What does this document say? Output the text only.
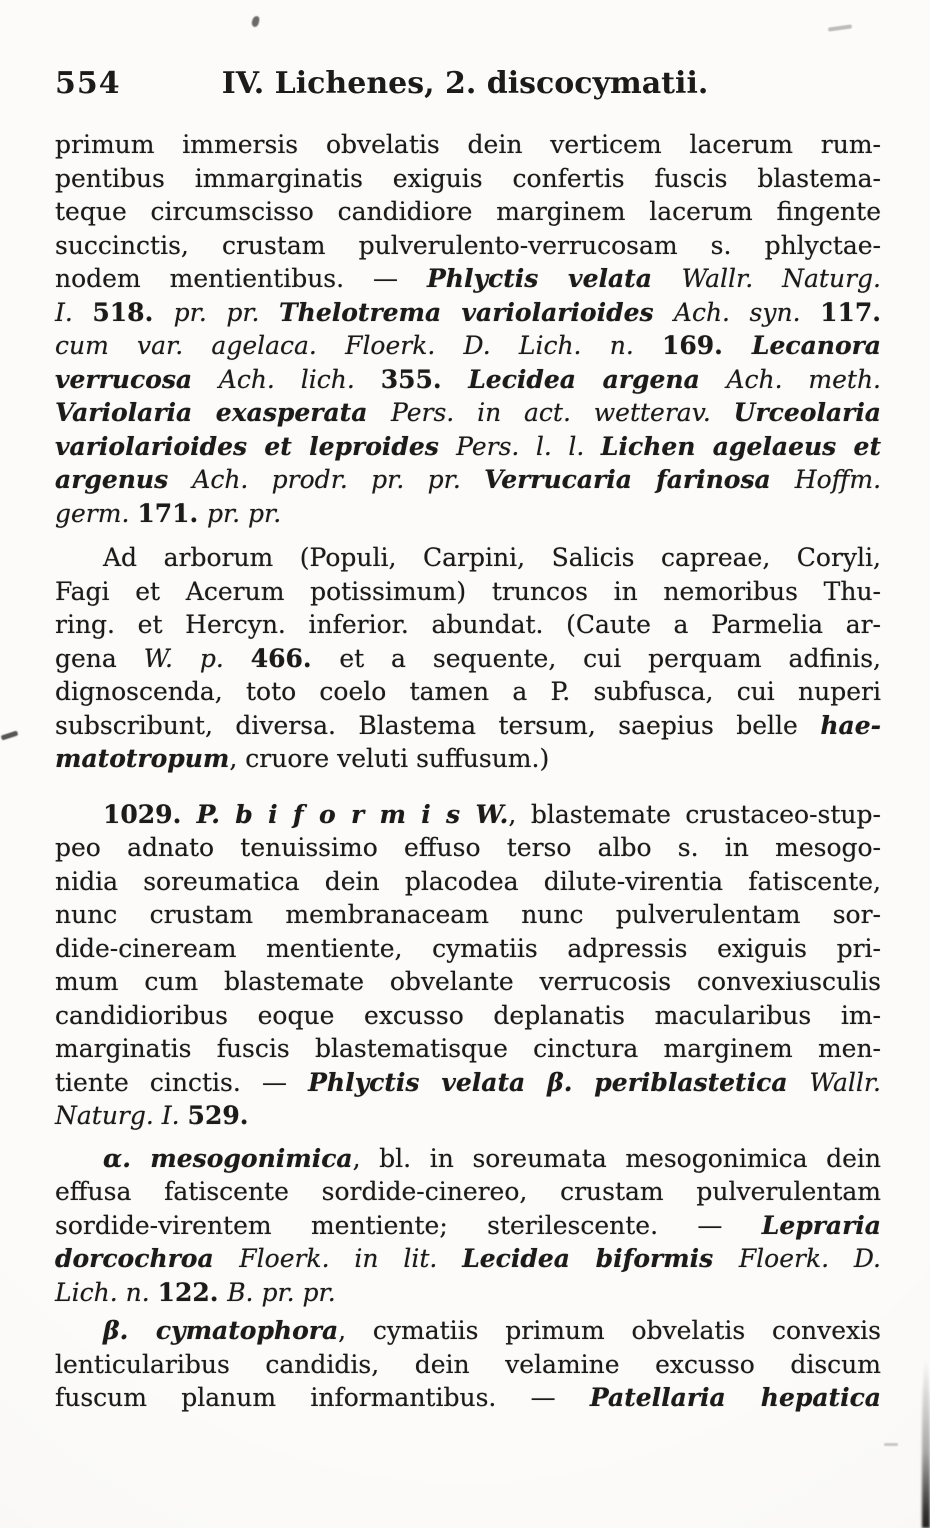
554	IV. Lichenes, 2. discocymatii.
primum immersis obvelatis dein verticem lacerum rum-
pentibus immarginatis exiguis confertis fuscis blastema-
teque circumscisso candidiore marginem lacerum fingente
succinctis, crustam pulverulento-verrucosam s. phlyctae-
nodem mentientibus. — Phlyctis velata Wallr. Naturg.
I. 518. pr. pr. Thelotrema variolarioides Ach. syn. 117.
cum var. agelaca. Floerk. D. Lich. n. 169. Lecanora
verrucosa Ach. lich. 355. Lecidea argena Ach. meth.
Variolaria exasperata Pers. in act. wetterav. Urceolaria
variolarioides et leproides Pers. l. l. Lichen agelaeus et
argenus Ach. prodr. pr. pr. Verrucaria farinosa Hoffm.
germ. 171. pr. pr.
Ad arborum (Populi, Carpini, Salicis capreae, Coryli,
Fagi et Acerum potissimum) truncos in nemoribus Thu-
ring. et Hercyn. inferior. abundat. (Caute a Parmelia ar-
gena W. p. 466. et a sequente, cui perquam adfinis,
dignoscenda, toto coelo tamen a P. subfusca, cui nuperi
subscribunt, diversa. Blastema tersum, saepius belle hae-
matotropum, cruore veluti suffusum.)
1029. P. b i f o r m i s W., blastemate crustaceo-stup-
peo adnato tenuissimo effuso terso albo s. in mesogo-
nidia soreumatica dein placodea dilute-virentia fatiscente,
nunc crustam membranaceam nunc pulverulentam sor-
dide-cineream mentiente, cymatiis adpressis exiguis pri-
mum cum blastemate obvelante verrucosis convexiusculis
candidioribus eoque excusso deplanatis macularibus im-
marginatis fuscis blastematisque cinctura marginem men-
tiente cinctis. — Phlyctis velata β. periblastetica Wallr.
Naturg. I. 529.
α. mesogonimica, bl. in soreumata mesogonimica dein
effusa fatiscente sordide-cinereo, crustam pulverulentam
sordide-virentem mentiente; sterilescente. — Lepraria
dorcochroa Floerk. in lit. Lecidea biformis Floerk. D.
Lich. n. 122. B. pr. pr.
β. cymatophora, cymatiis primum obvelatis convexis
lenticularibus candidis, dein velamine excusso discum
fuscum planum informantibus. — Patellaria hepatica
